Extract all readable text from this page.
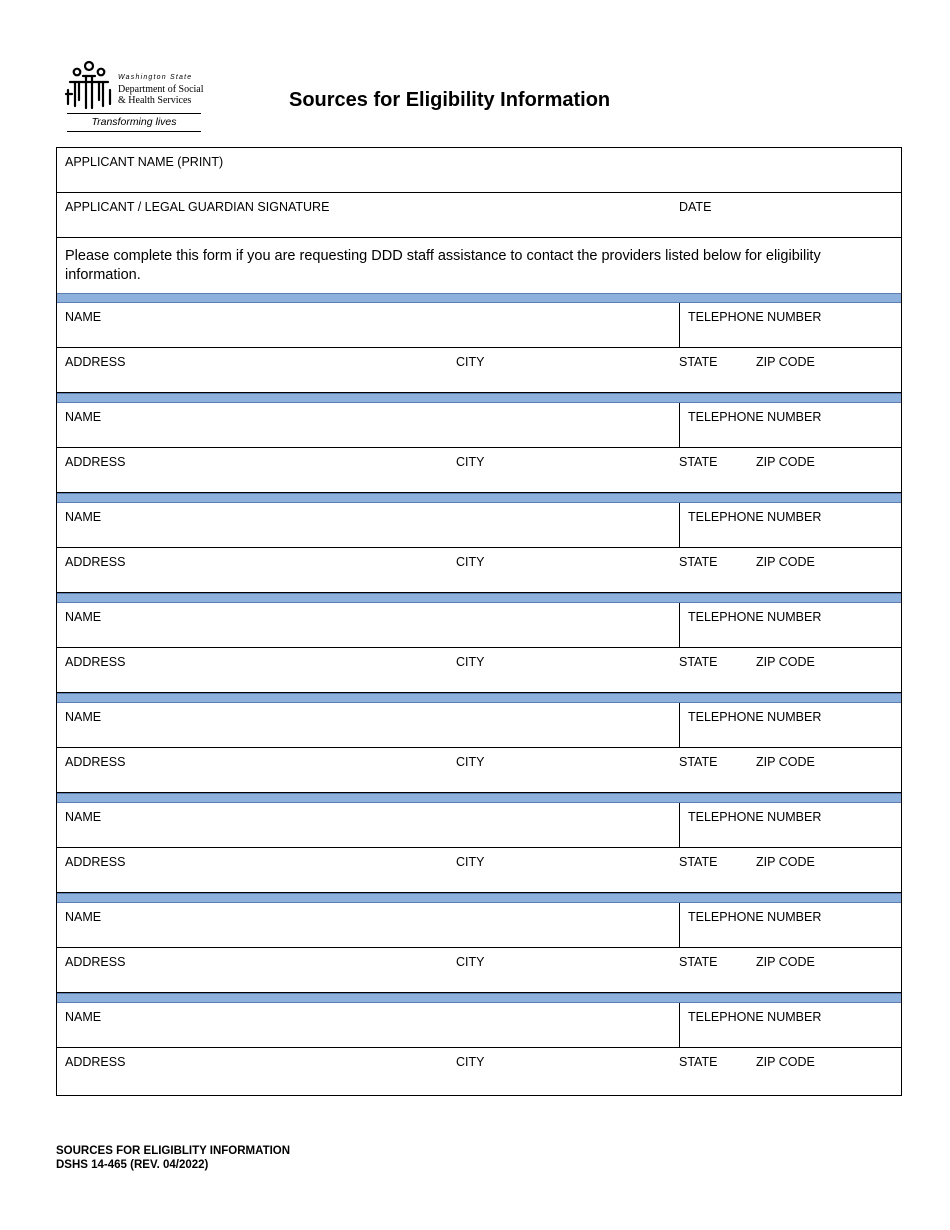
Washington State
Department of Social
& Health Services
Transforming lives
Sources for Eligibility Information
APPLICANT NAME (PRINT)
APPLICANT / LEGAL GUARDIAN SIGNATURE	DATE
Please complete this form if you are requesting DDD staff assistance to contact the providers listed below for eligibility information.
NAME	TELEPHONE NUMBER
ADDRESS	CITY	STATE	ZIP CODE
NAME	TELEPHONE NUMBER
ADDRESS	CITY	STATE	ZIP CODE
NAME	TELEPHONE NUMBER
ADDRESS	CITY	STATE	ZIP CODE
NAME	TELEPHONE NUMBER
ADDRESS	CITY	STATE	ZIP CODE
NAME	TELEPHONE NUMBER
ADDRESS	CITY	STATE	ZIP CODE
NAME	TELEPHONE NUMBER
ADDRESS	CITY	STATE	ZIP CODE
NAME	TELEPHONE NUMBER
ADDRESS	CITY	STATE	ZIP CODE
NAME	TELEPHONE NUMBER
ADDRESS	CITY	STATE	ZIP CODE
SOURCES FOR ELIGIBLITY INFORMATION
DSHS 14-465 (REV. 04/2022)
